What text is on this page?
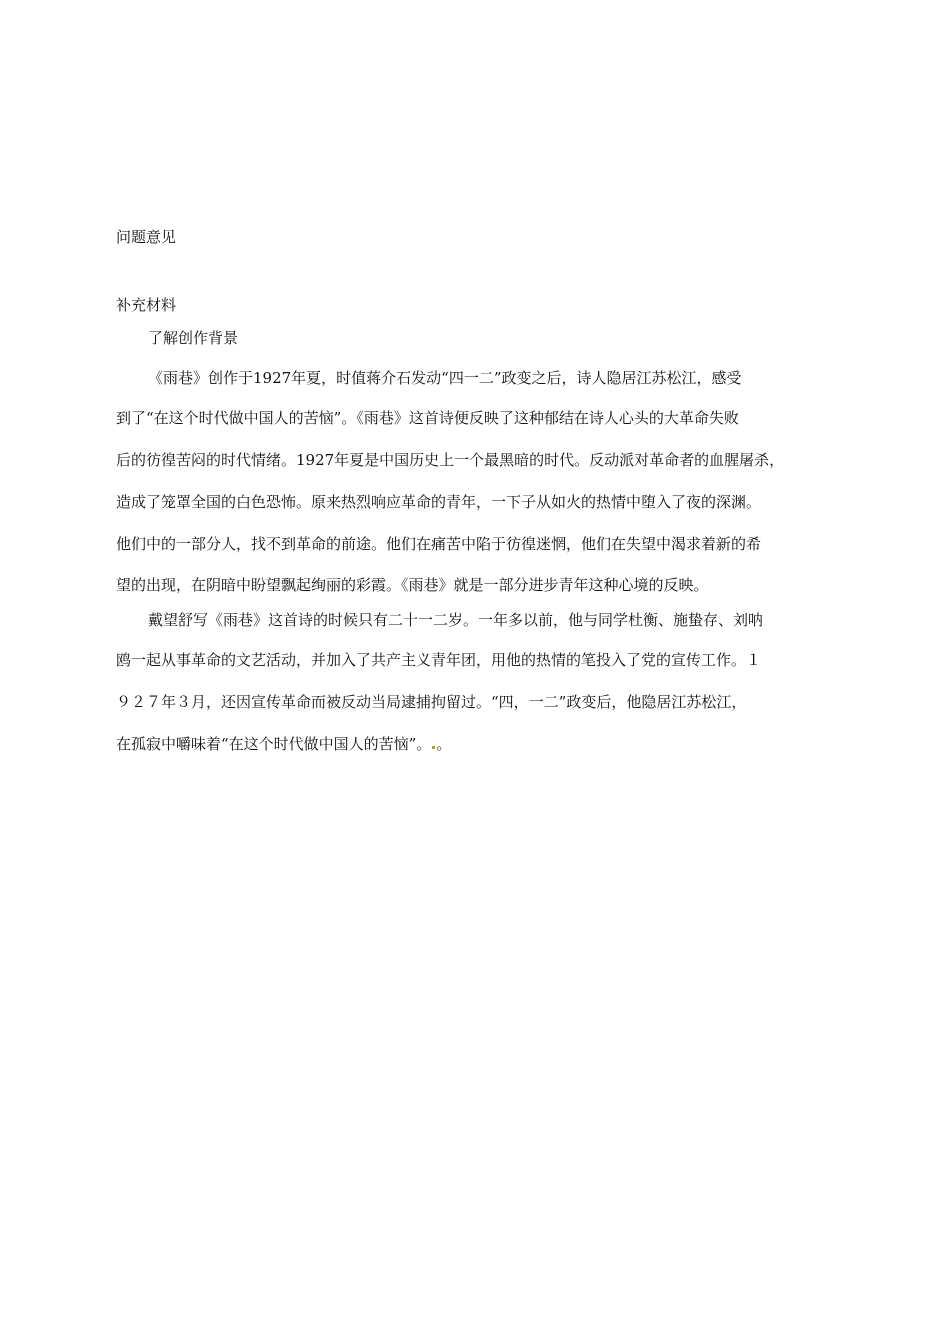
问题意见
补充材料
了解创作背景
《雨巷》创作于1927年夏，时值蒋介石发动“四一二”政变之后，诗人隐居江苏松江，感受
到了“在这个时代做中国人的苦恼”。《雨巷》这首诗便反映了这种郁结在诗人心头的大革命失败
后的彷徨苦闷的时代情绪。1927年夏是中国历史上一个最黑暗的时代。反动派对革命者的血腥屠杀，
造成了笼罩全国的白色恐怖。原来热烈响应革命的青年，一下子从如火的热情中堕入了夜的深渊。
他们中的一部分人，找不到革命的前途。他们在痛苦中陷于彷徨迷惘，他们在失望中渴求着新的希
望的出现，在阴暗中盼望飘起绚丽的彩霞。《雨巷》就是一部分进步青年这种心境的反映。
戴望舒写《雨巷》这首诗的时候只有二十一二岁。一年多以前，他与同学杜衡、施蛰存、刘呐
鸥一起从事革命的文艺活动，并加入了共产主义青年团，用他的热情的笔投入了党的宣传工作。１
９２７年３月，还因宣传革命而被反动当局逮捕拘留过。“四，一二”政变后，他隐居江苏松江，
在孤寂中嚼味着“在这个时代做中国人的苦恼”。 。
